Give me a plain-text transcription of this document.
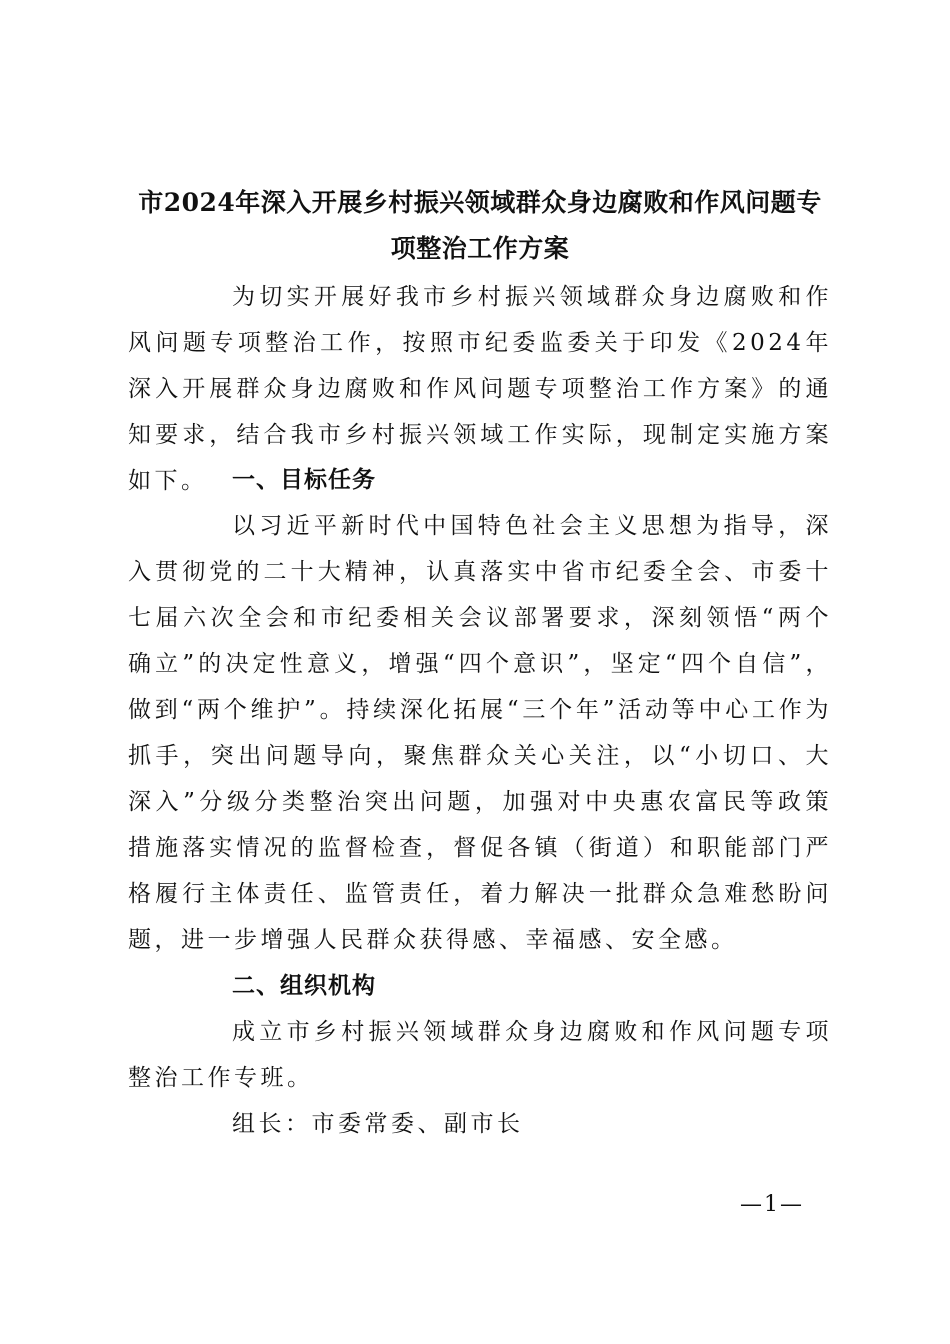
市2024年深入开展乡村振兴领域群众身边腐败和作风问题专项整治工作方案

为切实开展好我市乡村振兴领域群众身边腐败和作风问题专项整治工作，按照市纪委监委关于印发《2024年深入开展群众身边腐败和作风问题专项整治工作方案》的通知要求，结合我市乡村振兴领域工作实际，现制定实施方案如下。	一、目标任务

以习近平新时代中国特色社会主义思想为指导，深入贯彻党的二十大精神，认真落实中省市纪委全会、市委十七届六次全会和市纪委相关会议部署要求，深刻领悟“两个确立”的决定性意义，增强“四个意识”，坚定“四个自信”，做到“两个维护”。持续深化拓展“三个年”活动等中心工作为抓手，突出问题导向，聚焦群众关心关注，以“小切口、大深入”分级分类整治突出问题，加强对中央惠农富民等政策措施落实情况的监督检查，督促各镇（街道）和职能部门严格履行主体责任、监管责任，着力解决一批群众急难愁盼问题，进一步增强人民群众获得感、幸福感、安全感。

二、组织机构

成立市乡村振兴领域群众身边腐败和作风问题专项整治工作专班。

组长：市委常委、副市长

—1—
